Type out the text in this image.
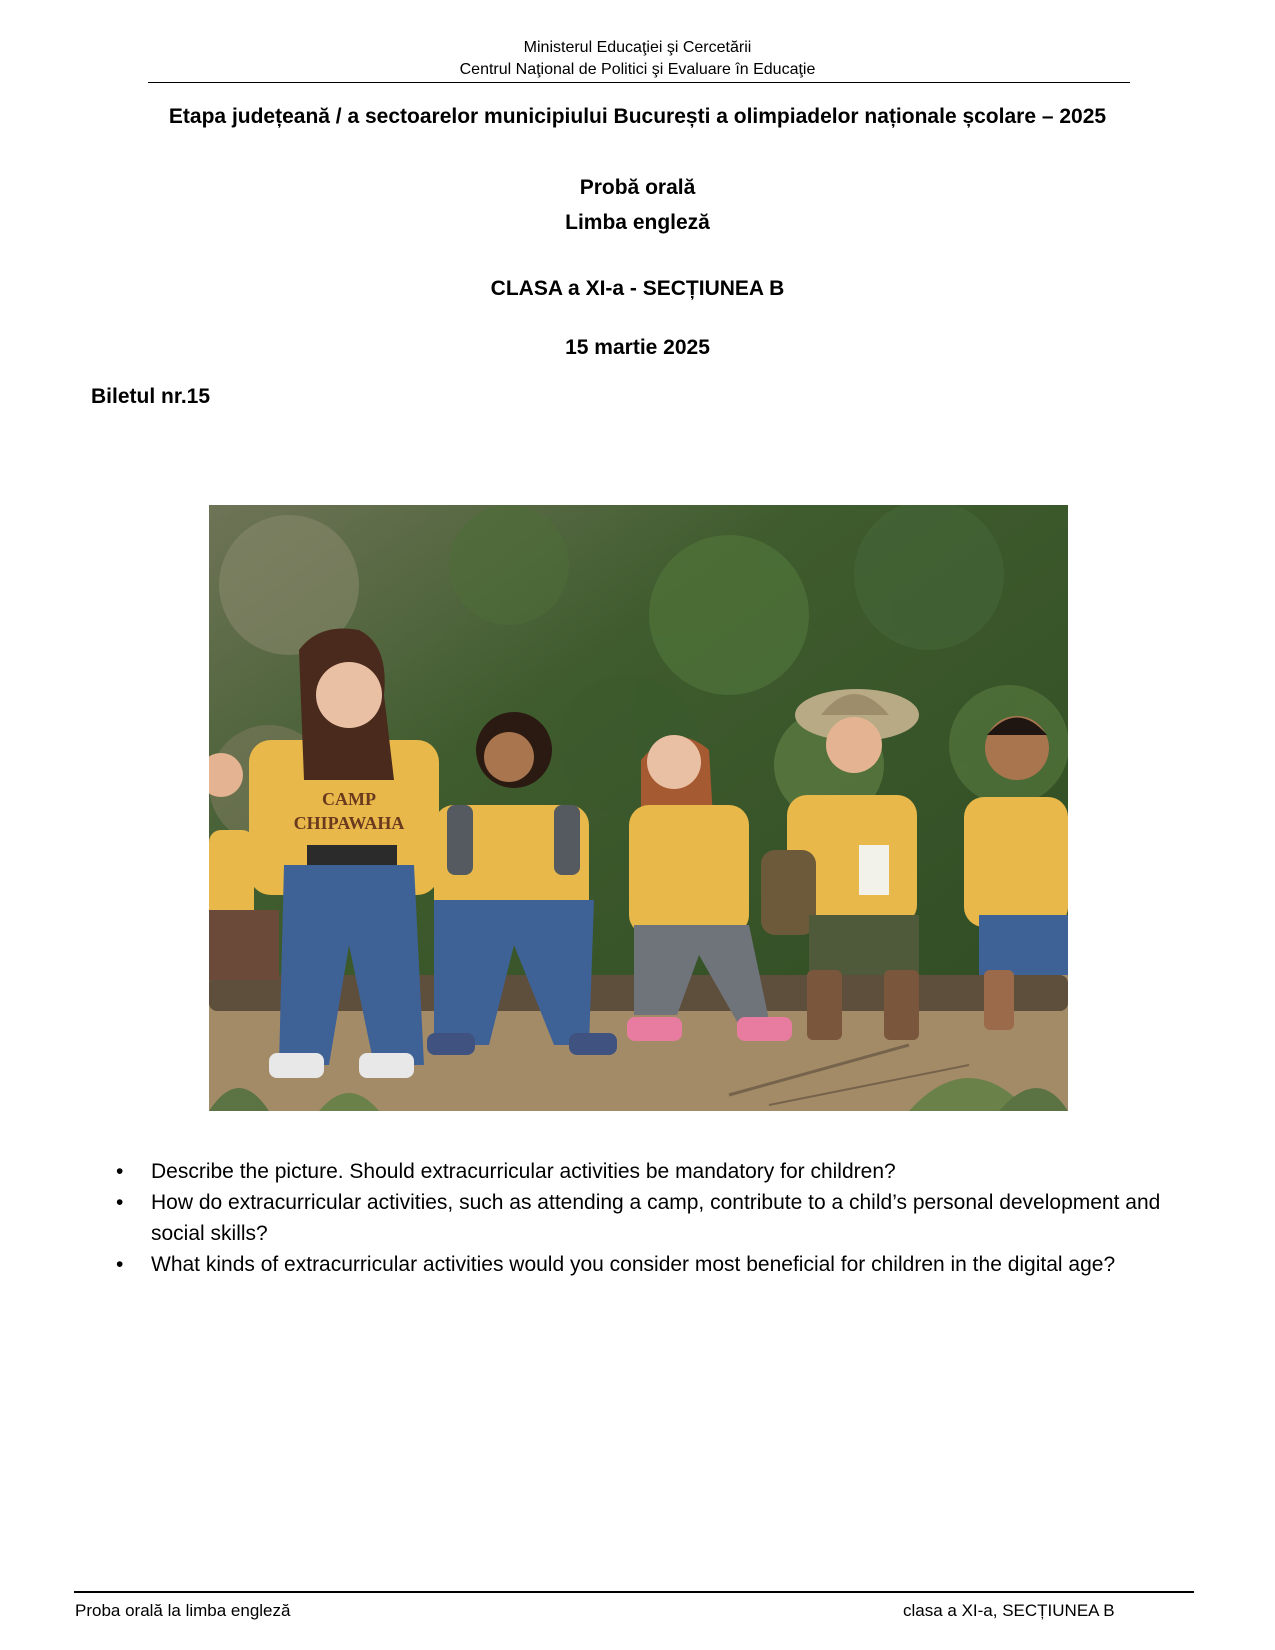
Ministerul Educaţiei şi Cercetării
Centrul Naţional de Politici şi Evaluare în Educaţie
Etapa județeană / a sectoarelor municipiului București a olimpiadelor naționale școlare – 2025
Probă orală
Limba engleză
CLASA a XI-a - SECȚIUNEA B
15 martie 2025
Biletul nr.15
CAMP
CHIPAWAHA
• Describe the picture. Should extracurricular activities be mandatory for children?
• How do extracurricular activities, such as attending a camp, contribute to a child’s personal development and social skills?
• What kinds of extracurricular activities would you consider most beneficial for children in the digital age?
Proba orală la limba engleză	clasa a XI-a, SECȚIUNEA B
